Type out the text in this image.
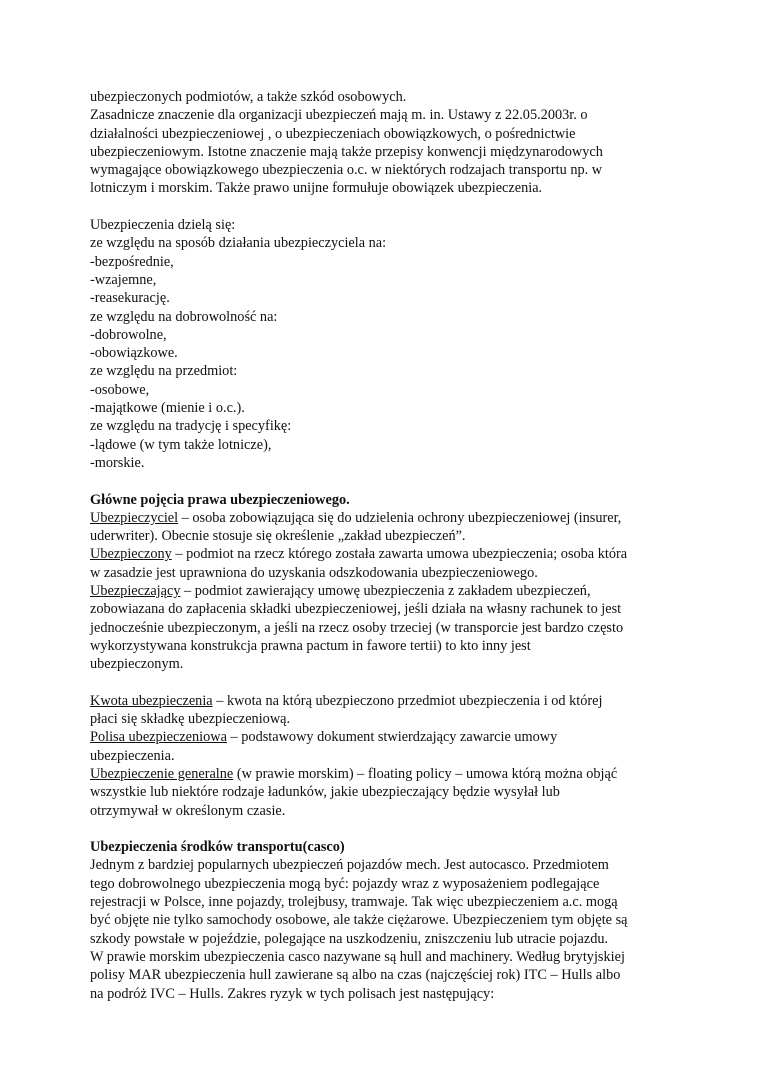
ubezpieczonych podmiotów, a także szkód osobowych.
Zasadnicze znaczenie dla organizacji ubezpieczeń mają m. in. Ustawy z 22.05.2003r. o
działalności ubezpieczeniowej , o ubezpieczeniach obowiązkowych, o pośrednictwie
ubezpieczeniowym. Istotne znaczenie mają także przepisy konwencji międzynarodowych
wymagające obowiązkowego ubezpieczenia o.c. w niektórych rodzajach transportu np. w
lotniczym i morskim. Także prawo unijne formułuje obowiązek ubezpieczenia.
Ubezpieczenia dzielą się:
ze względu na sposób działania ubezpieczyciela na:
-bezpośrednie,
-wzajemne,
-reasekurację.
ze względu na dobrowolność na:
-dobrowolne,
-obowiązkowe.
ze względu na przedmiot:
-osobowe,
-majątkowe (mienie i o.c.).
ze względu na tradycję i specyfikę:
-lądowe (w tym także lotnicze),
-morskie.
Główne pojęcia prawa ubezpieczeniowego.
Ubezpieczyciel – osoba zobowiązująca się do udzielenia ochrony ubezpieczeniowej (insurer,
uderwriter). Obecnie stosuje się określenie „zakład ubezpieczeń”.
Ubezpieczony – podmiot na rzecz którego została zawarta umowa ubezpieczenia; osoba która
w zasadzie jest uprawniona do uzyskania odszkodowania ubezpieczeniowego.
Ubezpieczający – podmiot zawierający umowę ubezpieczenia z zakładem ubezpieczeń,
zobowiazana do zapłacenia składki ubezpieczeniowej, jeśli działa na własny rachunek to jest
jednocześnie ubezpieczonym, a jeśli na rzecz osoby trzeciej (w transporcie jest bardzo często
wykorzystywana konstrukcja prawna pactum in fawore tertii) to kto inny jest
ubezpieczonym.
Kwota ubezpieczenia – kwota na którą ubezpieczono przedmiot ubezpieczenia i od której
płaci się składkę ubezpieczeniową.
Polisa ubezpieczeniowa – podstawowy dokument stwierdzający zawarcie umowy
ubezpieczenia.
Ubezpieczenie generalne (w prawie morskim) – floating policy – umowa którą można objąć
wszystkie lub niektóre rodzaje ładunków, jakie ubezpieczający będzie wysyłał lub
otrzymywał w określonym czasie.
Ubezpieczenia środków transportu(casco)
Jednym z bardziej popularnych ubezpieczeń pojazdów mech. Jest autocasco. Przedmiotem
tego dobrowolnego ubezpieczenia mogą być: pojazdy wraz z wyposażeniem podlegające
rejestracji w Polsce, inne pojazdy, trolejbusy, tramwaje. Tak więc ubezpieczeniem a.c. mogą
być objęte nie tylko samochody osobowe, ale także ciężarowe. Ubezpieczeniem tym objęte są
szkody powstałe w pojeździe, polegające na uszkodzeniu, zniszczeniu lub utracie pojazdu.
W prawie morskim ubezpieczenia casco nazywane są hull and machinery. Według brytyjskiej
polisy MAR ubezpieczenia hull zawierane są albo na czas (najczęściej rok) ITC – Hulls albo
na podróż IVC – Hulls. Zakres ryzyk w tych polisach jest następujący:
